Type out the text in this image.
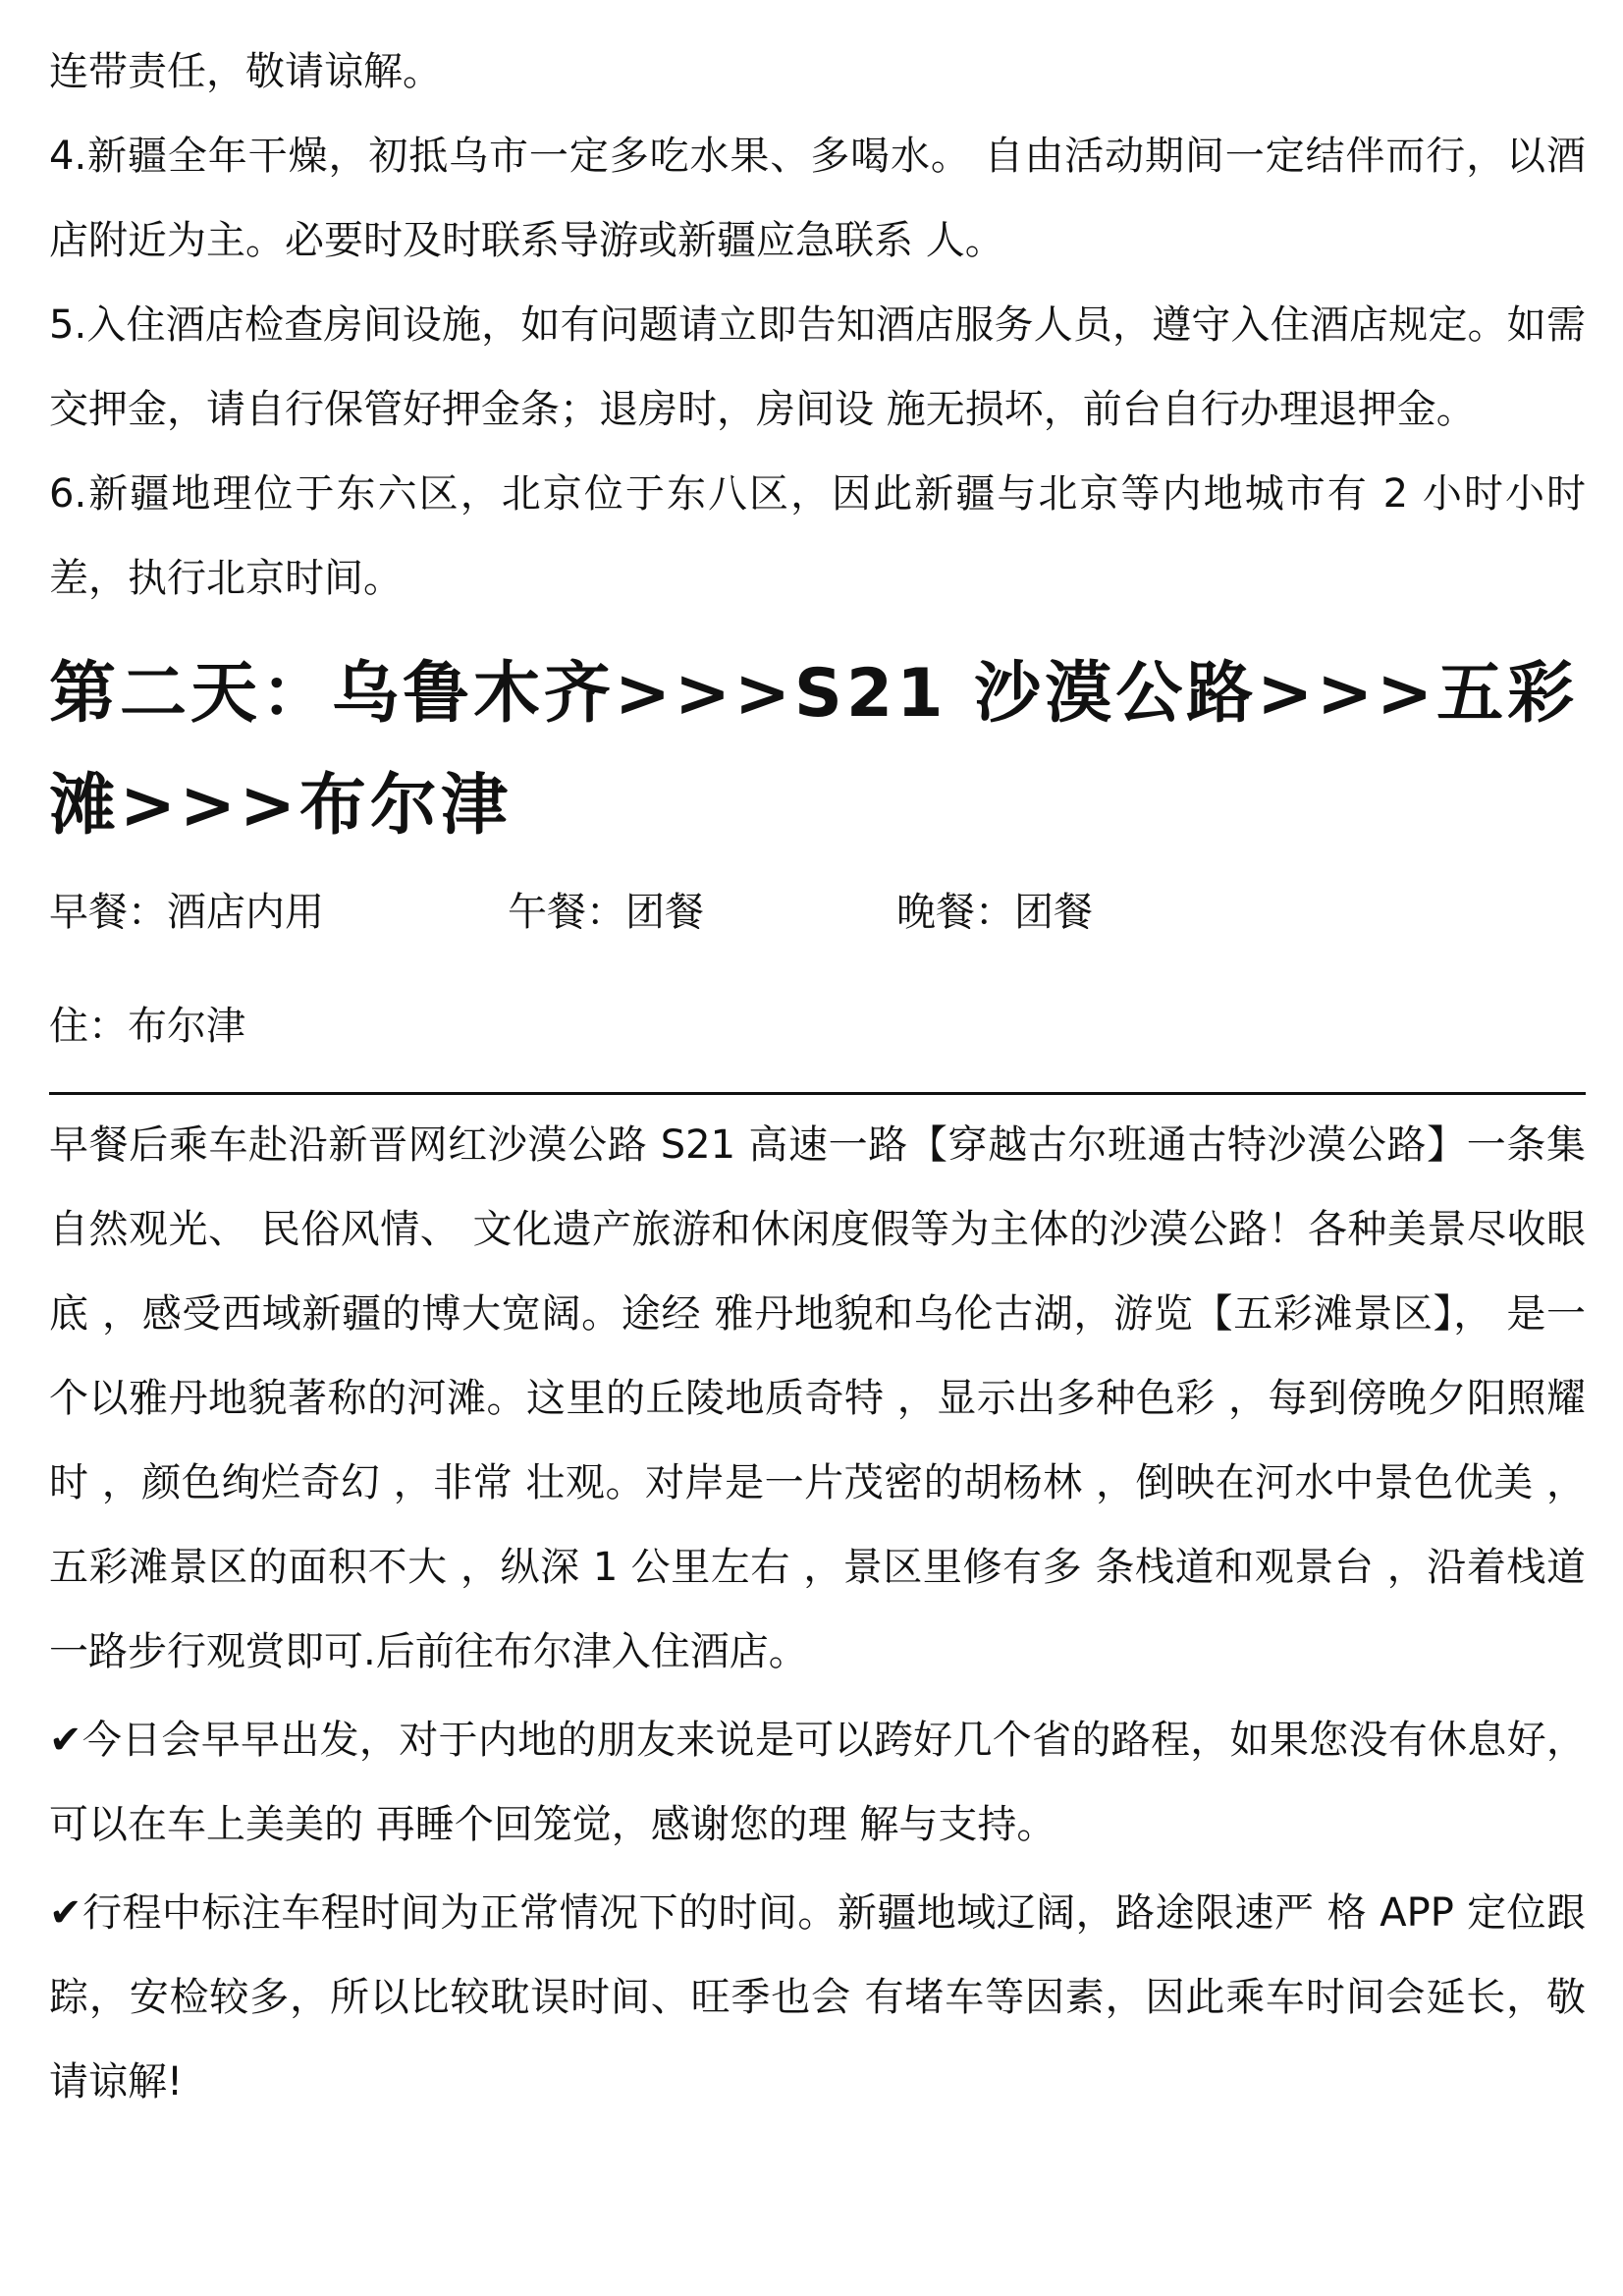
连带责任，敬请谅解。

4.新疆全年干燥，初抵乌市一定多吃水果、多喝水。 自由活动期间一定结伴而行，以酒店附近为主。必要时及时联系导游或新疆应急联系 人。

5.入住酒店检查房间设施，如有问题请立即告知酒店服务人员，遵守入住酒店规定。如需交押金，请自行保管好押金条；退房时，房间设 施无损坏，前台自行办理退押金。

6.新疆地理位于东六区，北京位于东八区，因此新疆与北京等内地城市有 2 小时小时差，执行北京时间。

第二天：乌鲁木齐>>>S21 沙漠公路>>>五彩滩>>>布尔津
早餐：酒店内用	午餐：团餐	晚餐：团餐
住：布尔津

早餐后乘车赴沿新晋网红沙漠公路 S21 高速一路【穿越古尔班通古特沙漠公路】一条集自然观光、 民俗风情、 文化遗产旅游和休闲度假等为主体的沙漠公路！各种美景尽收眼底 ，感受西域新疆的博大宽阔。途经 雅丹地貌和乌伦古湖，游览【五彩滩景区】， 是一个以雅丹地貌著称的河滩。这里的丘陵地质奇特 ，显示出多种色彩 ，每到傍晚夕阳照耀时 ，颜色绚烂奇幻 ，非常 壮观。对岸是一片茂密的胡杨林 ，倒映在河水中景色优美 ，五彩滩景区的面积不大 ，纵深 1 公里左右 ，景区里修有多 条栈道和观景台 ，沿着栈道一路步行观赏即可.后前往布尔津入住酒店。

✔今日会早早出发，对于内地的朋友来说是可以跨好几个省的路程，如果您没有休息好，可以在车上美美的 再睡个回笼觉，感谢您的理 解与支持。

✔行程中标注车程时间为正常情况下的时间。新疆地域辽阔，路途限速严 格 APP 定位跟踪，安检较多，所以比较耽误时间、旺季也会 有堵车等因素，因此乘车时间会延长，敬请谅解!
